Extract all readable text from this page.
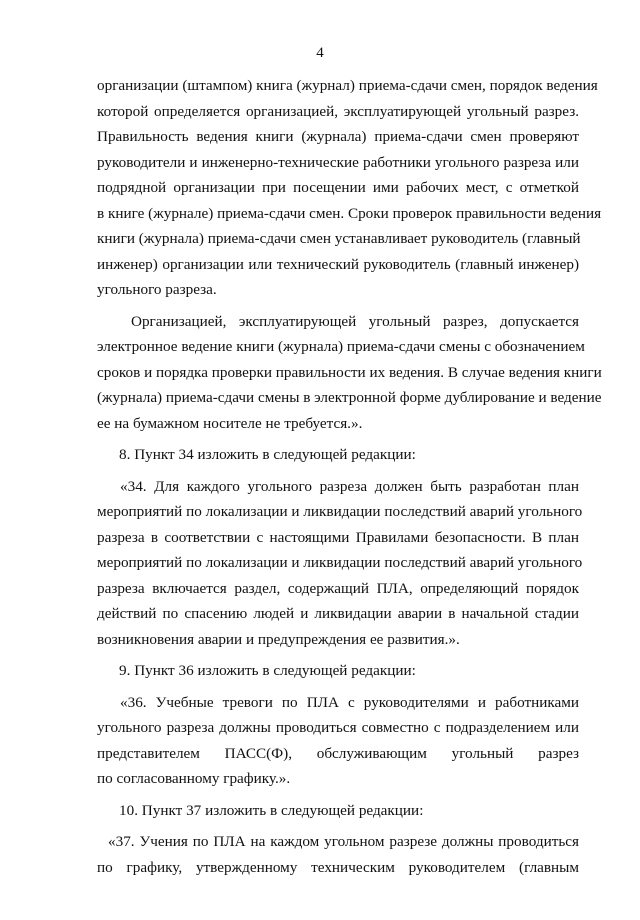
4
организации (штампом) книга (журнал) приема-сдачи смен, порядок ведения
которой определяется организацией, эксплуатирующей угольный разрез.
Правильность ведения книги (журнала) приема-сдачи смен проверяют
руководители и инженерно-технические работники угольного разреза или
подрядной организации при посещении ими рабочих мест, с отметкой
в книге (журнале) приема-сдачи смен. Сроки проверок правильности ведения
книги (журнала) приема-сдачи смен устанавливает руководитель (главный
инженер) организации или технический руководитель (главный инженер)
угольного разреза.
Организацией, эксплуатирующей угольный разрез, допускается
электронное ведение книги (журнала) приема-сдачи смены с обозначением
сроков и порядка проверки правильности их ведения. В случае ведения книги
(журнала) приема-сдачи смены в электронной форме дублирование и ведение
ее на бумажном носителе не требуется.».
8. Пункт 34 изложить в следующей редакции:
«34. Для каждого угольного разреза должен быть разработан план
мероприятий по локализации и ликвидации последствий аварий угольного
разреза в соответствии с настоящими Правилами безопасности. В план
мероприятий по локализации и ликвидации последствий аварий угольного
разреза включается раздел, содержащий ПЛА, определяющий порядок
действий по спасению людей и ликвидации аварии в начальной стадии
возникновения аварии и предупреждения ее развития.».
9. Пункт 36 изложить в следующей редакции:
«36. Учебные тревоги по ПЛА с руководителями и работниками
угольного разреза должны проводиться совместно с подразделением или
представителем ПАСС(Ф), обслуживающим угольный разрез
по согласованному графику.».
10. Пункт 37 изложить в следующей редакции:
«37. Учения по ПЛА на каждом угольном разрезе должны проводиться
по графику, утвержденному техническим руководителем (главным
